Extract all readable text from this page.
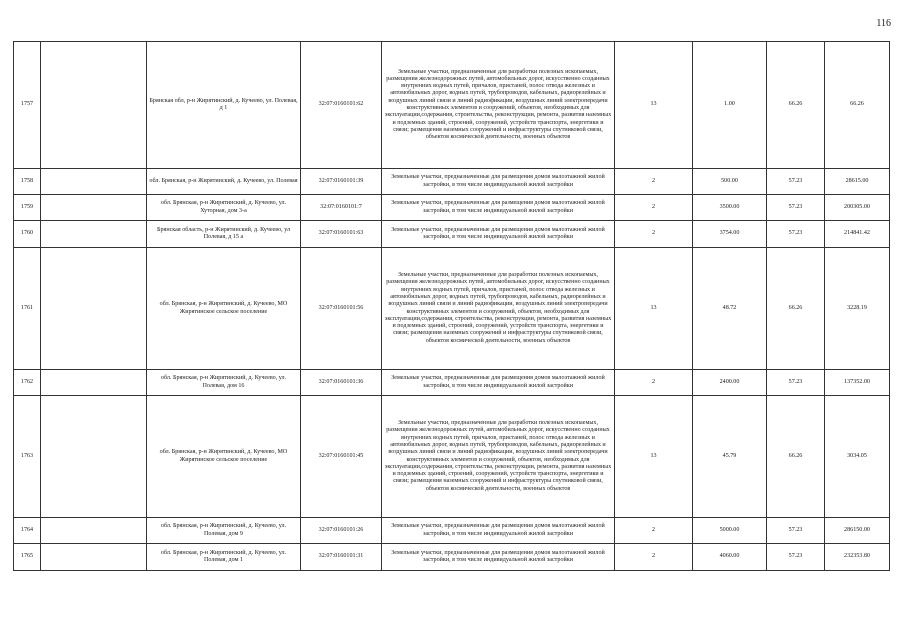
116
1757		Брянская обл, р-н Жирятинский, д. Кучеево, ул. Полевая, д 1	32:07:0160101:62	Земельные участки, предназначенные для разработки полезных ископаемых, размещения железнодорожных путей, автомобильных дорог, искусственно созданных внутренних водных путей, причалов, пристаней, полос отвода железных и автомобильных дорог, водных путей, трубопроводов, кабельных, радиорелейных и воздушных линий связи и линий радиофикации, воздушных линий электропередачи конструктивных элементов и сооружений, объектов, необходимых для эксплуатации,содержания, строительства, реконструкции, ремонта, развития наземных и подземных зданий, строений, сооружений, устройств транспорта, энергетики и связи; размещения наземных сооружений и инфраструктуры спутниковой связи, объектов космической деятельности, военных объектов	13	1.00	66.26	66.26
1758		обл. Брянская, р-н Жирятинский, д. Кучеево, ул. Полевая	32:07:0160101:39	Земельные участки, предназначенные для размещения домов малоэтажной жилой застройки, в том числе индивидуальной жилой застройки	2	500.00	57.23	28615.00
1759		обл. Брянская, р-н Жирятинский, д. Кучеево, ул. Хуторная, дом 3-а	32:07:0160101:7	Земельные участки, предназначенные для размещения домов малоэтажной жилой застройки, в том числе индивидуальной жилой застройки	2	3500.00	57.23	200305.00
1760		Брянская область, р-н Жирятинский, д. Кучеево, ул Полевая, д 15 а	32:07:0160101:63	Земельные участки, предназначенные для размещения домов малоэтажной жилой застройки, в том числе индивидуальной жилой застройки	2	3754.00	57.23	214841.42
1761		обл. Брянская, р-н Жирятинский, д. Кучеево, МО Жирятинское сельское поселение	32:07:0160101:56	Земельные участки, предназначенные для разработки полезных ископаемых, размещения железнодорожных путей, автомобильных дорог, искусственно созданных внутренних водных путей, причалов, пристаней, полос отвода железных и автомобильных дорог, водных путей, трубопроводов, кабельных, радиорелейных и воздушных линий связи и линий радиофикации, воздушных линий электропередачи конструктивных элементов и сооружений, объектов, необходимых для эксплуатации,содержания, строительства, реконструкции, ремонта, развития наземных и подземных зданий, строений, сооружений, устройств транспорта, энергетики и связи; размещения наземных сооружений и инфраструктуры спутниковой связи, объектов космической деятельности, военных объектов	13	48.72	66.26	3228.19
1762		обл. Брянская, р-н Жирятинский, д. Кучеево, ул. Полевая, дом 16	32:07:0160101:36	Земельные участки, предназначенные для размещения домов малоэтажной жилой застройки, в том числе индивидуальной жилой застройки	2	2400.00	57.23	137352.00
1763		обл. Брянская, р-н Жирятинский, д. Кучеево, МО Жирятинское сельское поселение	32:07:0160101:45	Земельные участки, предназначенные для разработки полезных ископаемых, размещения железнодорожных путей, автомобильных дорог, искусственно созданных внутренних водных путей, причалов, пристаней, полос отвода железных и автомобильных дорог, водных путей, трубопроводов, кабельных, радиорелейных и воздушных линий связи и линий радиофикации, воздушных линий электропередачи конструктивных элементов и сооружений, объектов, необходимых для эксплуатации,содержания, строительства, реконструкции, ремонта, развития наземных и подземных зданий, строений, сооружений, устройств транспорта, энергетики и связи; размещения наземных сооружений и инфраструктуры спутниковой связи, объектов космической деятельности, военных объектов	13	45.79	66.26	3034.05
1764		обл. Брянская, р-н Жирятинский, д. Кучеево, ул. Полевая, дом 9	32:07:0160101:26	Земельные участки, предназначенные для размещения домов малоэтажной жилой застройки, в том числе индивидуальной жилой застройки	2	5000.00	57.23	286150.00
1765		обл. Брянская, р-н Жирятинский, д. Кучеево, ул. Полевая, дом 1	32:07:0160101:31	Земельные участки, предназначенные для размещения домов малоэтажной жилой застройки, в том числе индивидуальной жилой застройки	2	4060.00	57.23	232353.80
